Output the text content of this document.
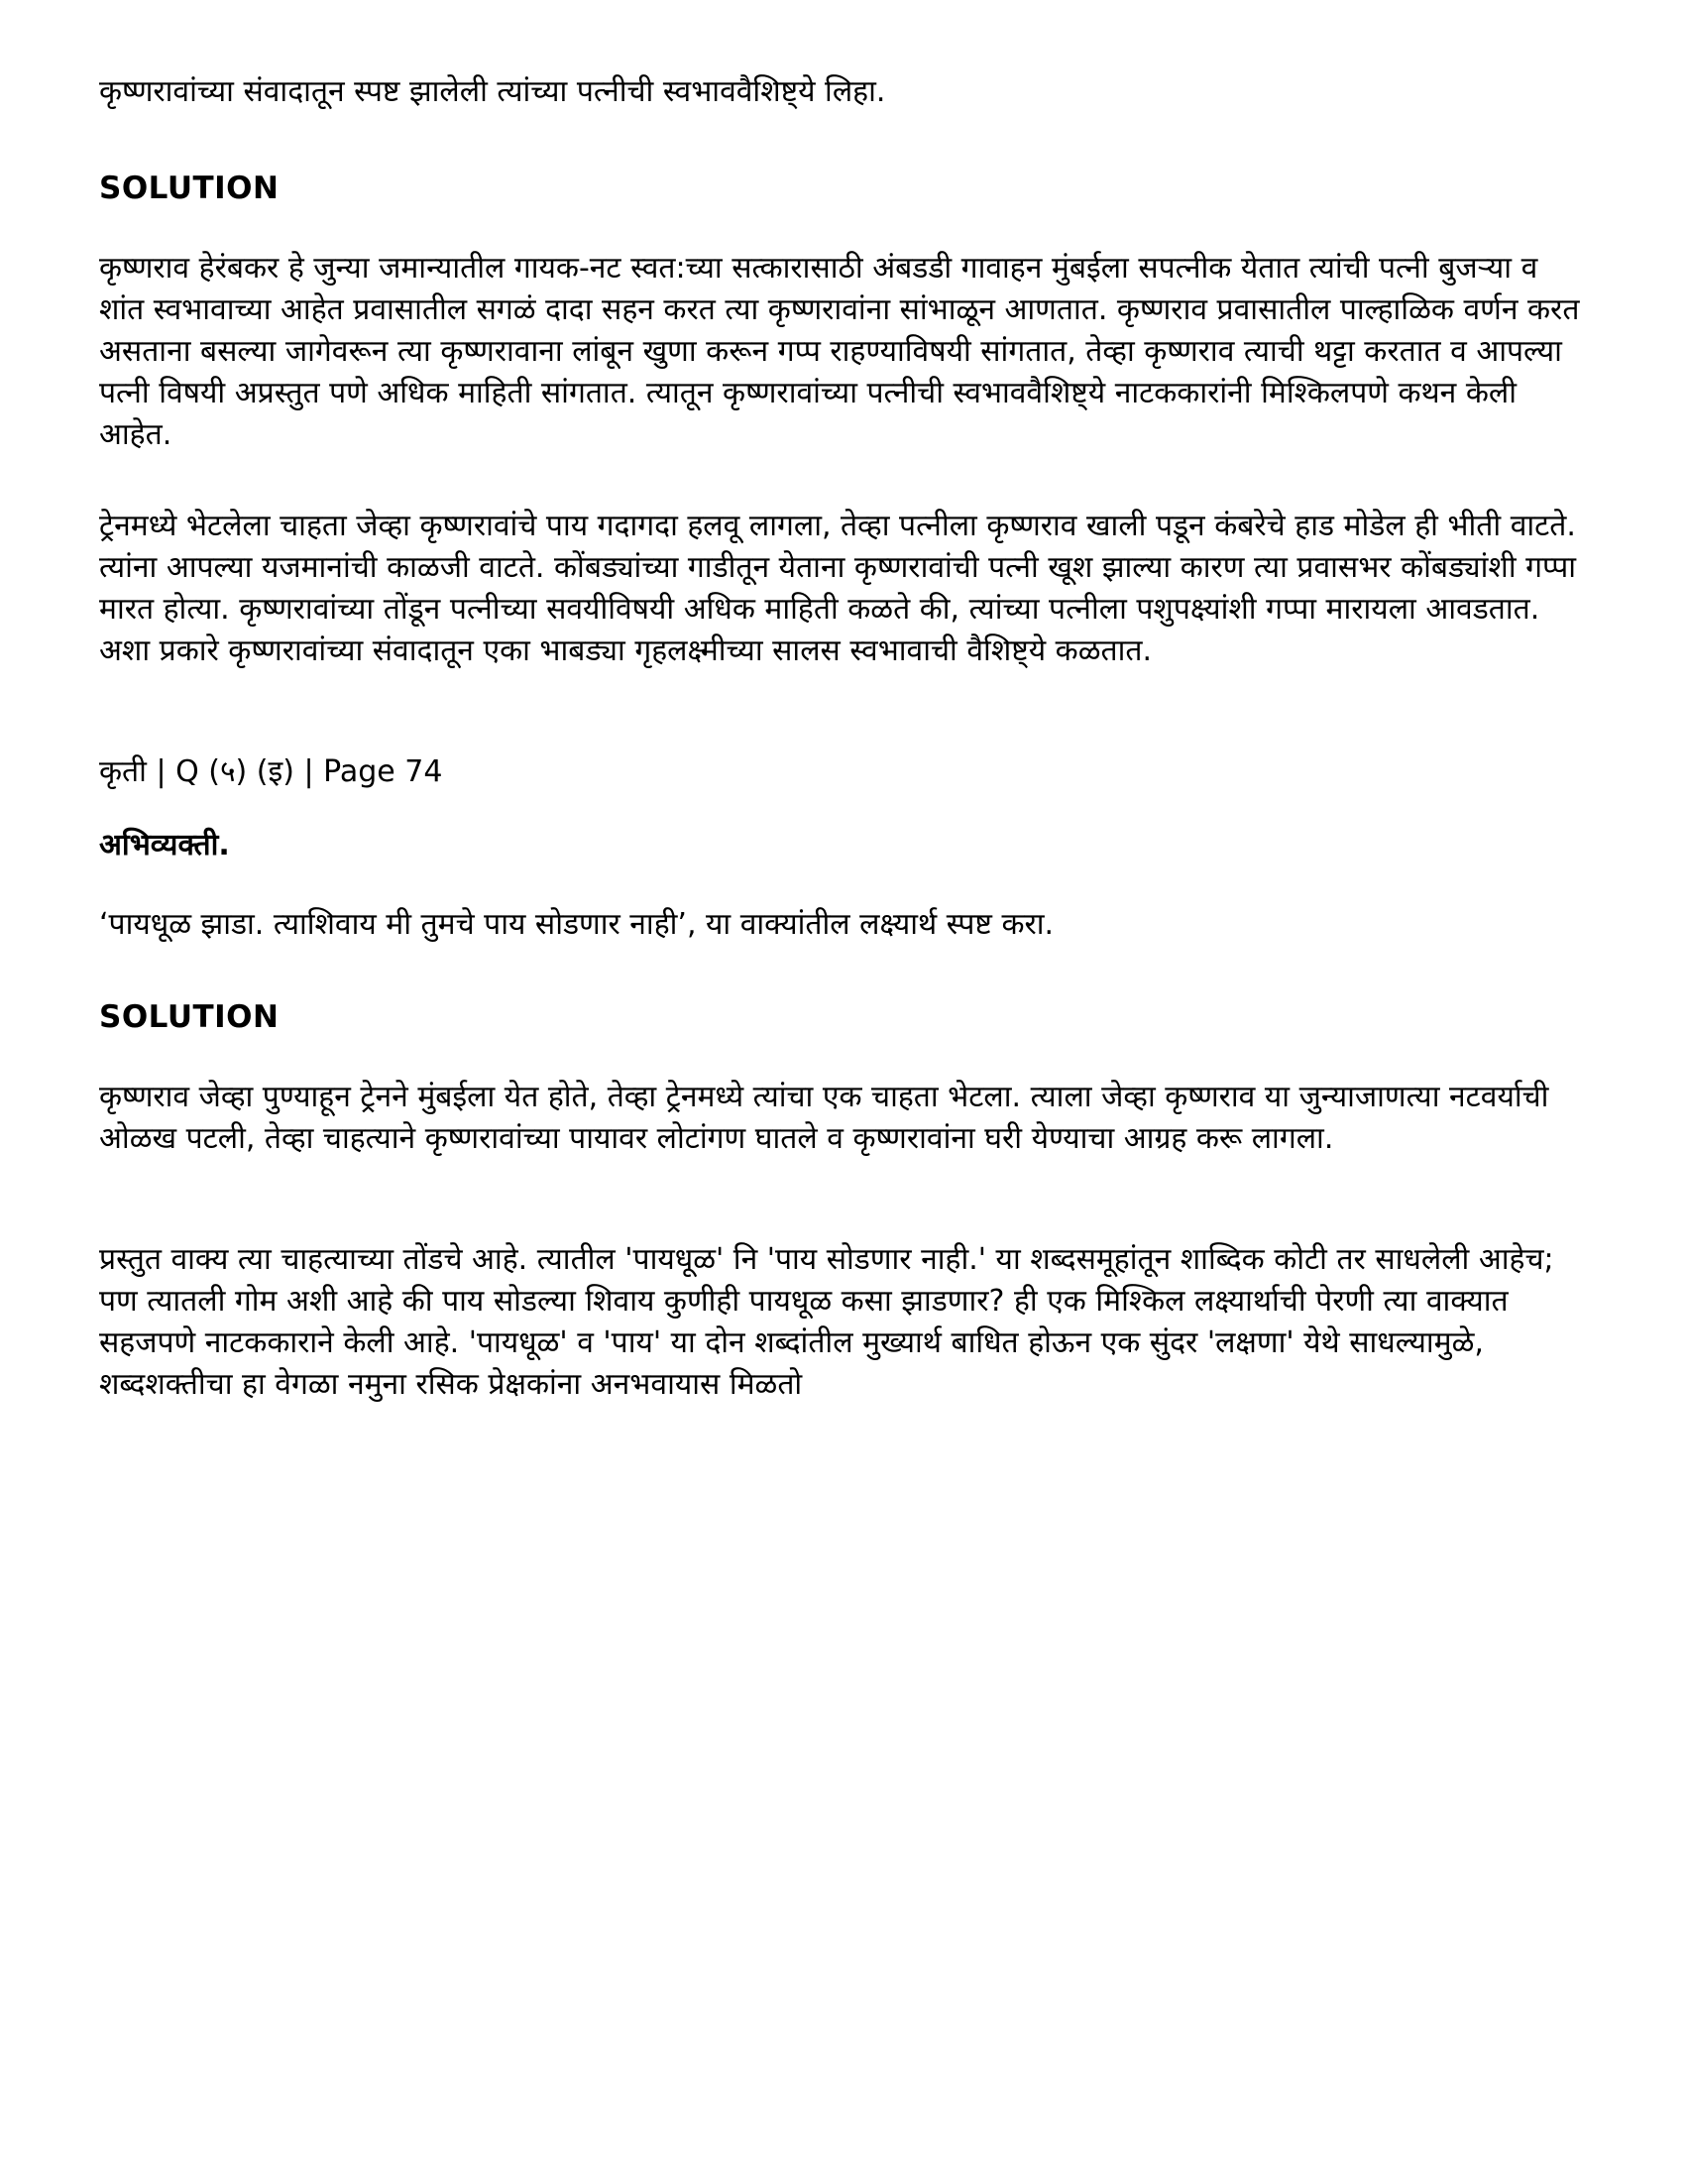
कृष्णरावांच्या संवादातून स्पष्ट झालेली त्यांच्या पत्नीची स्वभाववैशिष्ट्ये लिहा.

SOLUTION

कृष्णराव हेरंबकर हे जुन्या जमान्यातील गायक-नट स्वत:च्या सत्कारासाठी अंबडडी गावाहन मुंबईला सपत्नीक येतात त्यांची पत्नी बुजऱ्या व शांत स्वभावाच्या आहेत प्रवासातील सगळं दादा सहन करत त्या कृष्णरावांना सांभाळून आणतात. कृष्णराव प्रवासातील पाल्हाळिक वर्णन करत असताना बसल्या जागेवरून त्या कृष्णरावाना लांबून खुणा करून गप्प राहण्याविषयी सांगतात, तेव्हा कृष्णराव त्याची थट्टा करतात व आपल्या पत्नी विषयी अप्रस्तुत पणे अधिक माहिती सांगतात. त्यातून कृष्णरावांच्या पत्नीची स्वभाववैशिष्ट्ये नाटककारांनी मिश्किलपणे कथन केली आहेत.

ट्रेनमध्ये भेटलेला चाहता जेव्हा कृष्णरावांचे पाय गदागदा हलवू लागला, तेव्हा पत्नीला कृष्णराव खाली पडून कंबरेचे हाड मोडेल ही भीती वाटते. त्यांना आपल्या यजमानांची काळजी वाटते. कोंबड्यांच्या गाडीतून येताना कृष्णरावांची पत्नी खूश झाल्या कारण त्या प्रवासभर कोंबड्यांशी गप्पा मारत होत्या. कृष्णरावांच्या तोंडून पत्नीच्या सवयीविषयी अधिक माहिती कळते की, त्यांच्या पत्नीला पशुपक्ष्यांशी गप्पा मारायला आवडतात. अशा प्रकारे कृष्णरावांच्या संवादातून एका भाबड्या गृहलक्ष्मीच्या सालस स्वभावाची वैशिष्ट्ये कळतात.

कृती | Q (५) (इ) | Page 74

अभिव्यक्ती.

‘पायधूळ झाडा. त्याशिवाय मी तुमचे पाय सोडणार नाही’, या वाक्यांतील लक्ष्यार्थ स्पष्ट करा.

SOLUTION

कृष्णराव जेव्हा पुण्याहून ट्रेनने मुंबईला येत होते, तेव्हा ट्रेनमध्ये त्यांचा एक चाहता भेटला. त्याला जेव्हा कृष्णराव या जुन्याजाणत्या नटवर्याची ओळख पटली, तेव्हा चाहत्याने कृष्णरावांच्या पायावर लोटांगण घातले व कृष्णरावांना घरी येण्याचा आग्रह करू लागला.

प्रस्तुत वाक्य त्या चाहत्याच्या तोंडचे आहे. त्यातील 'पायधूळ' नि 'पाय सोडणार नाही.' या शब्दसमूहांतून शाब्दिक कोटी तर साधलेली आहेच; पण त्यातली गोम अशी आहे की पाय सोडल्या शिवाय कुणीही पायधूळ कसा झाडणार? ही एक मिश्किल लक्ष्यार्थाची पेरणी त्या वाक्यात सहजपणे नाटककाराने केली आहे. 'पायधूळ' व 'पाय' या दोन शब्दांतील मुख्यार्थ बाधित होऊन एक सुंदर 'लक्षणा' येथे साधल्यामुळे, शब्दशक्तीचा हा वेगळा नमुना रसिक प्रेक्षकांना अनभवायास मिळतो
